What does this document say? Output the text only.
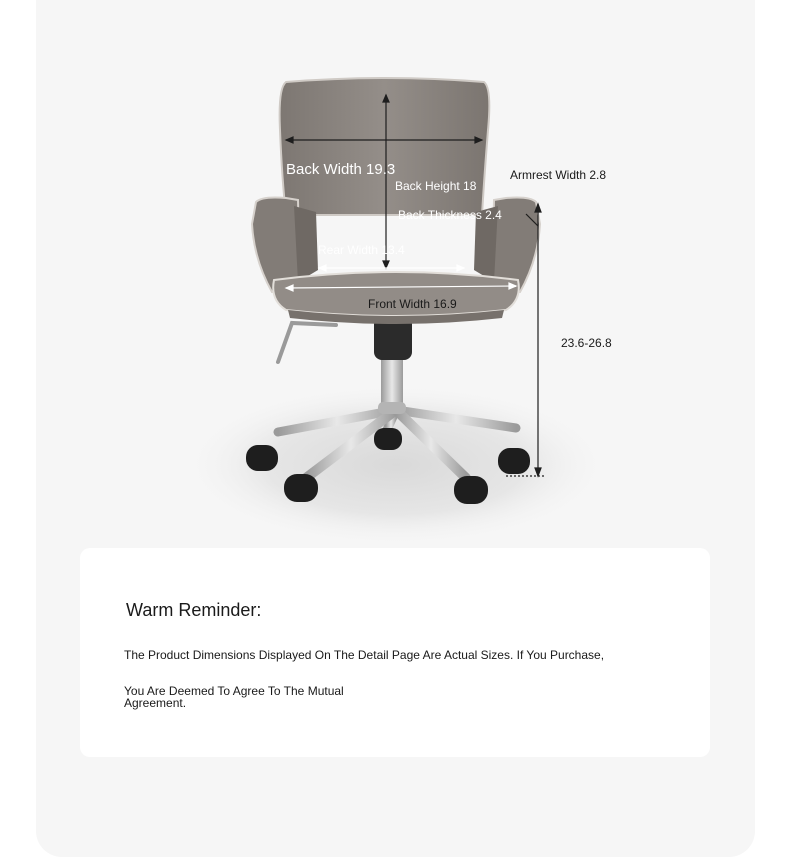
Back Width 19.3
Back Height 18
Back Thickness 2.4
Armrest Width 2.8
Rear Width 13.4
Front Width 16.9
23.6-26.8
Warm Reminder:

The Product Dimensions Displayed On The Detail Page Are Actual Sizes. If You Purchase,

You Are Deemed To Agree To The Mutual

Agreement.
